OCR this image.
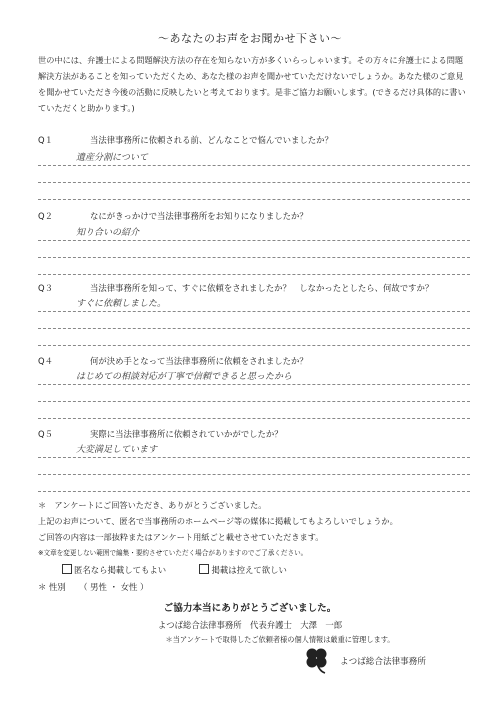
〜あなたのお声をお聞かせ下さい〜
世の中には、弁護士による問題解決方法の存在を知らない方が多くいらっしゃいます。その方々に弁護士による問題解決方法があることを知っていただくため、あなた様のお声を聞かせていただけないでしょうか。あなた様のご意見を聞かせていただき今後の活動に反映したいと考えております。是非ご協力お願いします。(できるだけ具体的に書いていただくと助かります。)
Q１	当法律事務所に依頼される前、どんなことで悩んでいましたか？
遺産分割について
Q２	なにがきっかけで当法律事務所をお知りになりましたか？
知り合いの紹介
Q３	当法律事務所を知って、すぐに依頼をされましたか？　しなかったとしたら、何故ですか？
すぐに依頼しました。
Q４	何が決め手となって当法律事務所に依頼をされましたか？
はじめての相談対応が丁寧で信頼できると思ったから
Q５	実際に当法律事務所に依頼されていかがでしたか？
大変満足しています
＊　アンケートにご回答いただき、ありがとうございました。
上記のお声について、匿名で当事務所のホームページ等の媒体に掲載してもよろしいでしょうか。
ご回答の内容は一部抜粋またはアンケート用紙ごと載せさせていただきます。
※文章を変更しない範囲で編集・要約させていただく場合がありますのでご了承ください。
匿名なら掲載してもよい	掲載は控えて欲しい
＊ 性別 （ 男性 ・ 女性 ）
ご協力本当にありがとうございました。
よつば総合法律事務所　代表弁護士　大澤　一郎
＊当アンケートで取得したご依頼者様の個人情報は厳重に管理します。
よつば総合法律事務所
